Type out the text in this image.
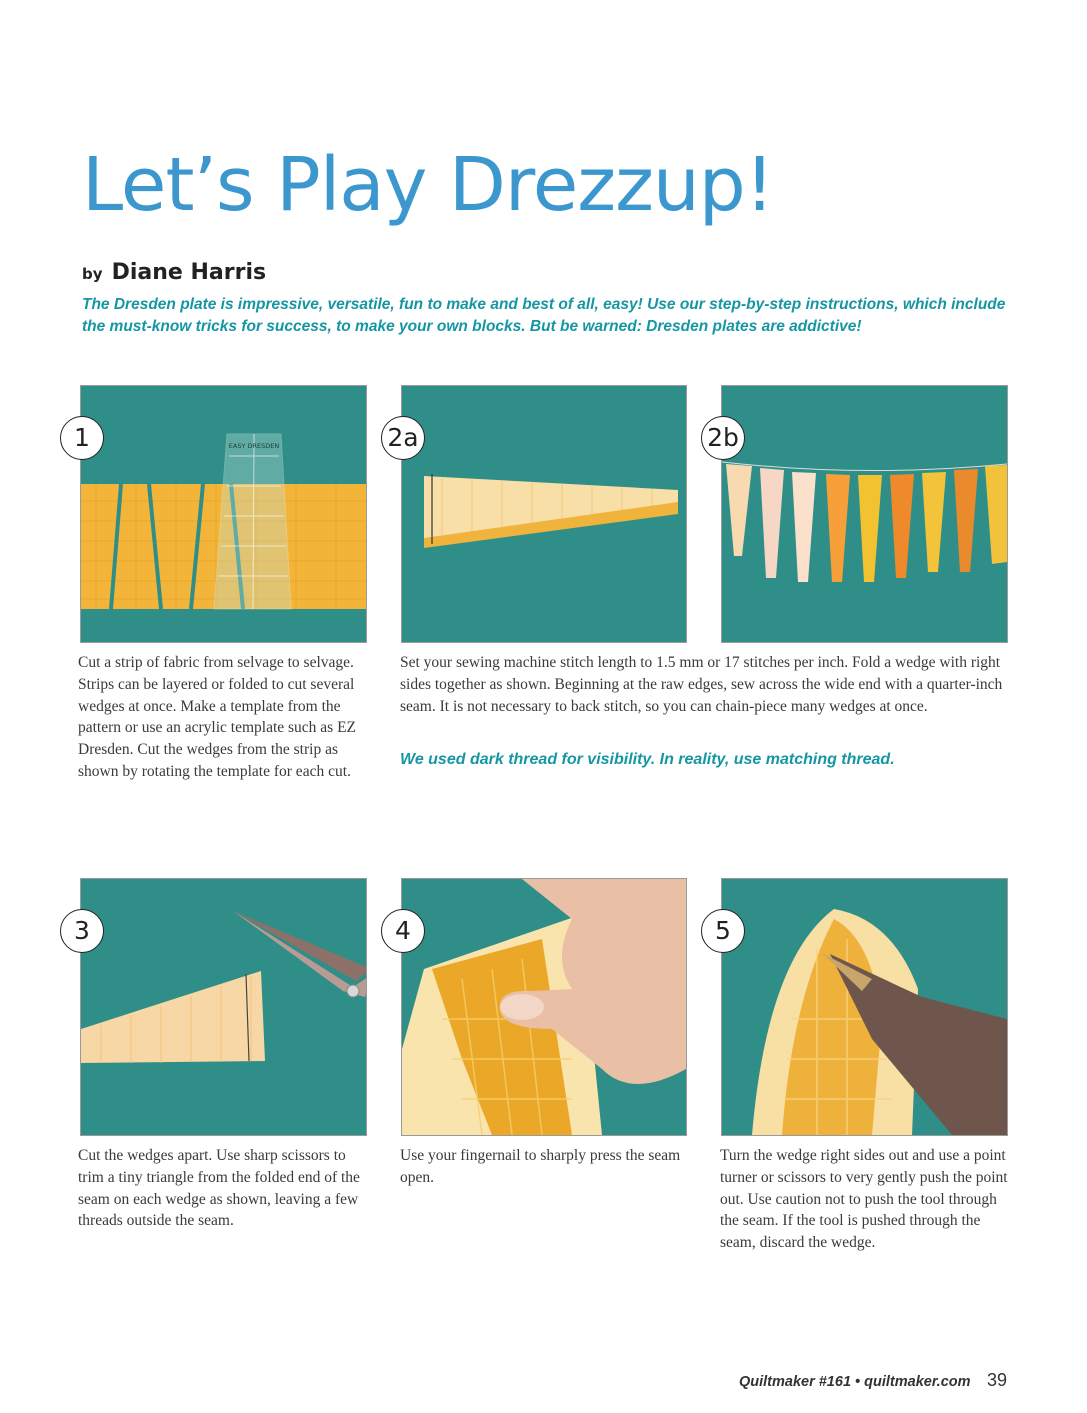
Let’s Play Drezzup!
by Diane Harris

The Dresden plate is impressive, versatile, fun to make and best of all, easy! Use our step-by-step instructions, which include the must-know tricks for success, to make your own blocks. But be warned: Dresden plates are addictive!

EASY DRESDEN
1	2a	2b

Cut a strip of fabric from selvage to selvage. Strips can be layered or folded to cut several wedges at once. Make a template from the pattern or use an acrylic template such as EZ Dresden. Cut the wedges from the strip as shown by rotating the template for each cut.

Set your sewing machine stitch length to 1.5 mm or 17 stitches per inch. Fold a wedge with right sides together as shown. Beginning at the raw edges, sew across the wide end with a quarter-inch seam. It is not necessary to back stitch, so you can chain-piece many wedges at once.

We used dark thread for visibility. In reality, use matching thread.

3	4	5

Cut the wedges apart. Use sharp scissors to trim a tiny triangle from the folded end of the seam on each wedge as shown, leaving a few threads outside the seam.

Use your fingernail to sharply press the seam open.

Turn the wedge right sides out and use a point turner or scissors to very gently push the point out. Use caution not to push the tool through the seam. If the tool is pushed through the seam, discard the wedge.

Quiltmaker #161 • quiltmaker.com 39
